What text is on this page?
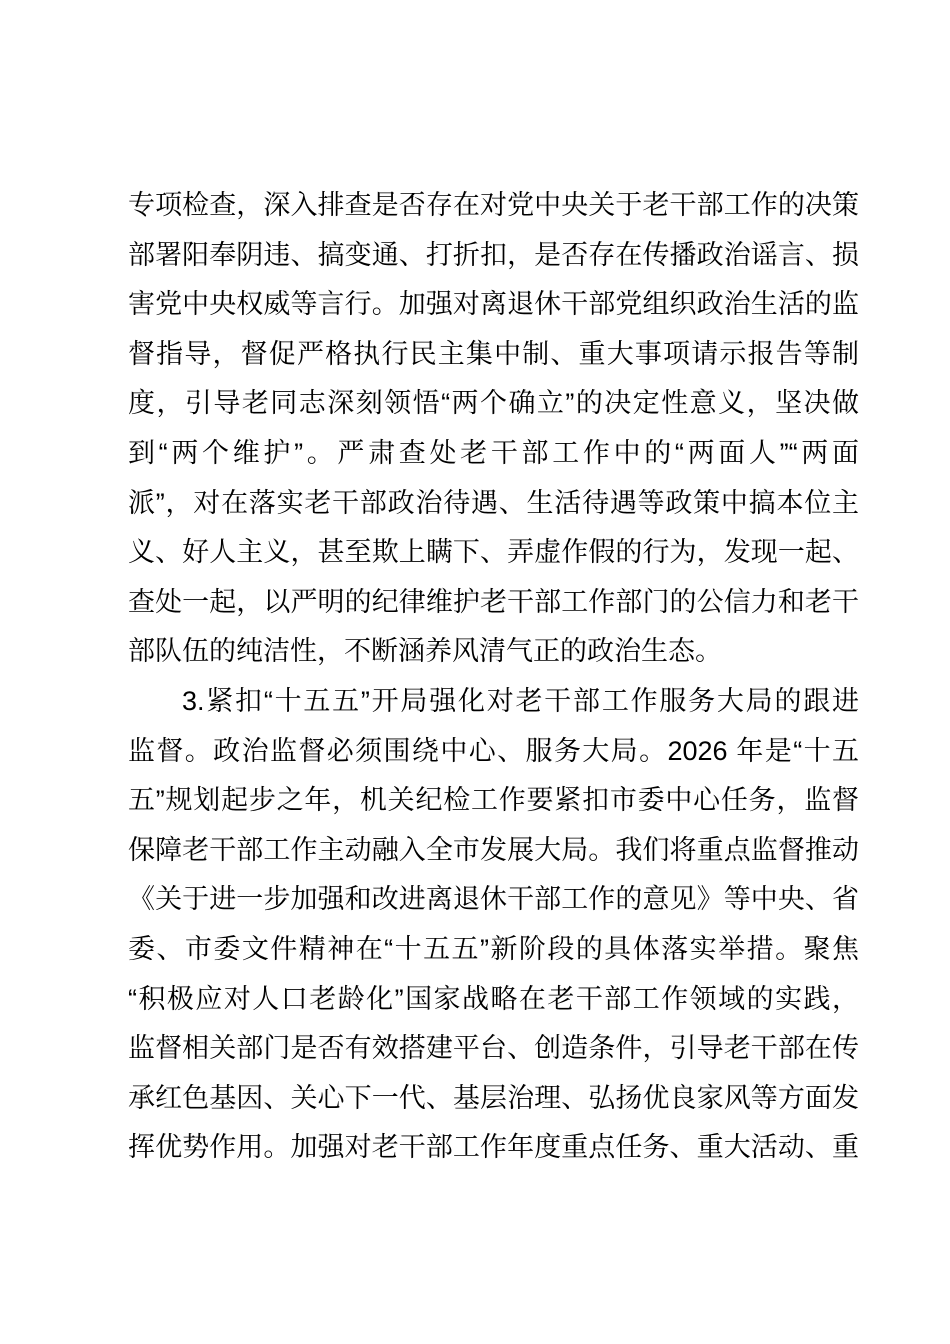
专项检查，深入排查是否存在对党中央关于老干部工作的决策
部署阳奉阴违、搞变通、打折扣，是否存在传播政治谣言、损
害党中央权威等言行。加强对离退休干部党组织政治生活的监
督指导，督促严格执行民主集中制、重大事项请示报告等制
度，引导老同志深刻领悟“两个确立”的决定性意义，坚决做
到“两个维护”。严肃查处老干部工作中的“两面人”“两面
派”，对在落实老干部政治待遇、生活待遇等政策中搞本位主
义、好人主义，甚至欺上瞒下、弄虚作假的行为，发现一起、
查处一起，以严明的纪律维护老干部工作部门的公信力和老干
部队伍的纯洁性，不断涵养风清气正的政治生态。
3.紧扣“十五五”开局强化对老干部工作服务大局的跟进
监督。政治监督必须围绕中心、服务大局。2026 年是“十五
五”规划起步之年，机关纪检工作要紧扣市委中心任务，监督
保障老干部工作主动融入全市发展大局。我们将重点监督推动
《关于进一步加强和改进离退休干部工作的意见》等中央、省
委、市委文件精神在“十五五”新阶段的具体落实举措。聚焦
“积极应对人口老龄化”国家战略在老干部工作领域的实践，
监督相关部门是否有效搭建平台、创造条件，引导老干部在传
承红色基因、关心下一代、基层治理、弘扬优良家风等方面发
挥优势作用。加强对老干部工作年度重点任务、重大活动、重
